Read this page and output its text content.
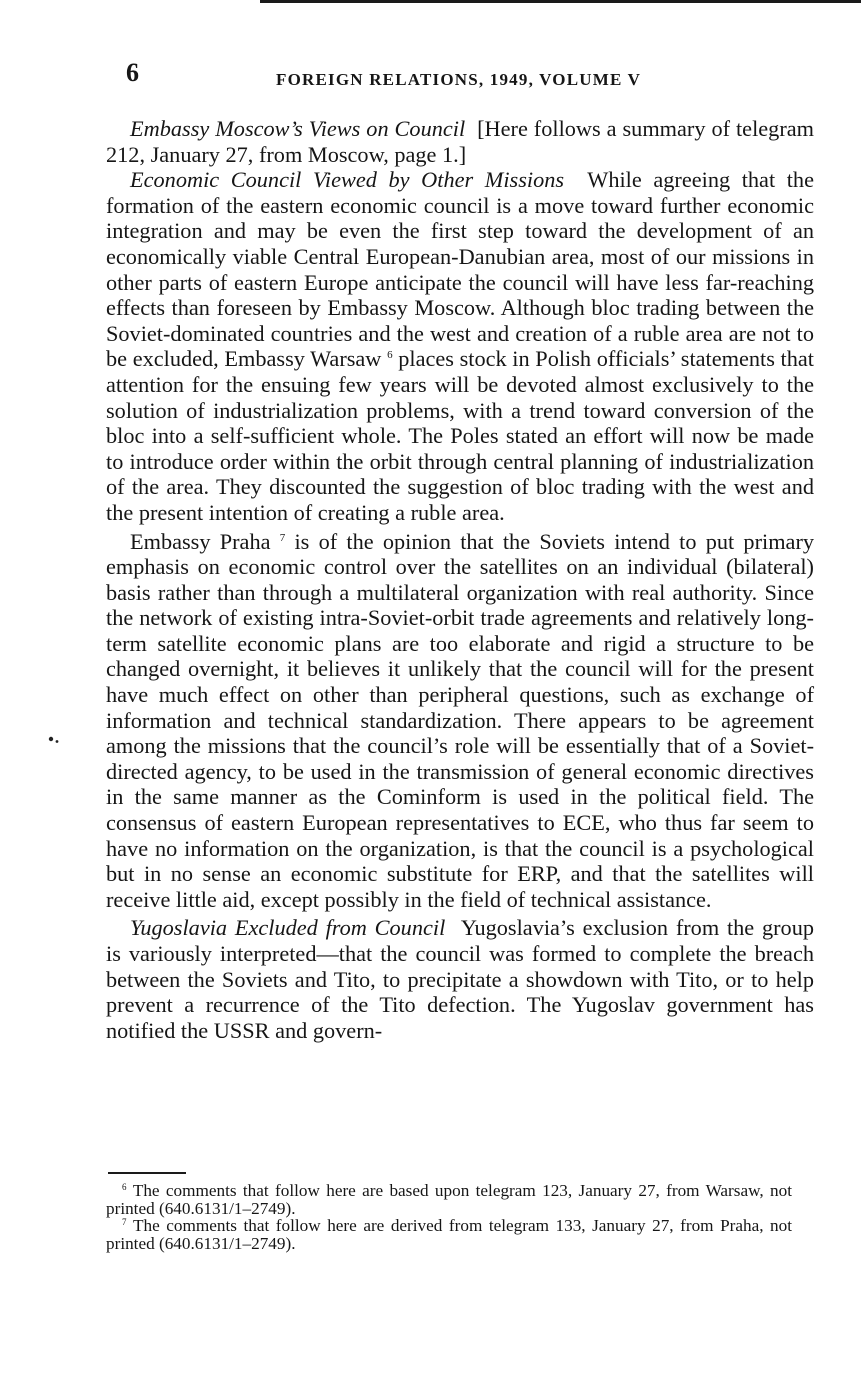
6	FOREIGN RELATIONS, 1949, VOLUME V

Embassy Moscow’s Views on Council [Here follows a summary of telegram 212, January 27, from Moscow, page 1.]

Economic Council Viewed by Other Missions While agreeing that the formation of the eastern economic council is a move toward further economic integration and may be even the first step toward the development of an economically viable Central European-Danubian area, most of our missions in other parts of eastern Europe anticipate the council will have less far-reaching effects than foreseen by Embassy Moscow. Although bloc trading between the Soviet-dominated countries and the west and creation of a ruble area are not to be excluded, Embassy Warsaw $^6$ places stock in Polish officials’ statements that attention for the ensuing few years will be devoted almost exclusively to the solution of industrialization problems, with a trend toward conversion of the bloc into a self-sufficient whole. The Poles stated an effort will now be made to introduce order within the orbit through central planning of industrialization of the area. They discounted the suggestion of bloc trading with the west and the present intention of creating a ruble area.

Embassy Praha $^7$ is of the opinion that the Soviets intend to put primary emphasis on economic control over the satellites on an individual (bilateral) basis rather than through a multilateral organization with real authority. Since the network of existing intra-Soviet-orbit trade agreements and relatively long-term satellite economic plans are too elaborate and rigid a structure to be changed overnight, it believes it unlikely that the council will for the present have much effect on other than peripheral questions, such as exchange of information and technical standardization. There appears to be agreement among the missions that the council’s role will be essentially that of a Soviet-directed agency, to be used in the transmission of general economic directives in the same manner as the Cominform is used in the political field. The consensus of eastern European representatives to ECE, who thus far seem to have no information on the organization, is that the council is a psychological but in no sense an economic substitute for ERP, and that the satellites will receive little aid, except possibly in the field of technical assistance.

Yugoslavia Excluded from Council Yugoslavia’s exclusion from the group is variously interpreted—that the council was formed to complete the breach between the Soviets and Tito, to precipitate a showdown with Tito, or to help prevent a recurrence of the Tito defection. The Yugoslav government has notified the USSR and govern-

$^6$ The comments that follow here are based upon telegram 123, January 27, from Warsaw, not printed (640.6131/1–2749).

$^7$ The comments that follow here are derived from telegram 133, January 27, from Praha, not printed (640.6131/1–2749).
